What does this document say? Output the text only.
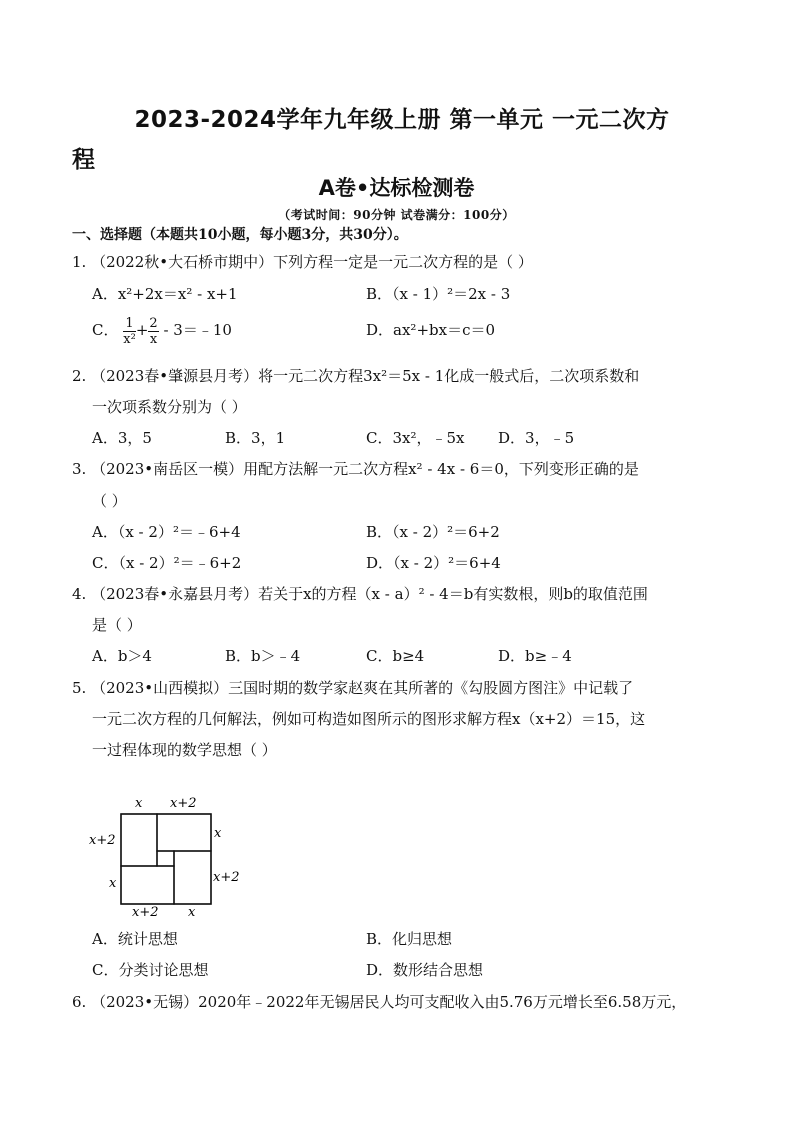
2023-2024学年九年级上册 第一单元 一元二次方
程
A卷•达标检测卷
（考试时间：90分钟 试卷满分：100分）
一、选择题（本题共10小题，每小题3分，共30分）。
1. （2022秋•大石桥市期中）下列方程一定是一元二次方程的是（ ）
A．x²+2x＝x² - x+1	B．（x - 1）²＝2x - 3
C． $\frac{1}{\text{x²}} + \frac{2}{x}$ - 3＝﹣10	D．ax²+bx＝c＝0
2. （2023春•肇源县月考）将一元二次方程3x²＝5x - 1化成一般式后，二次项系数和
一次项系数分别为（ ）
A．3，5	B．3，1	C．3x²，﹣5x D．3，﹣5
3. （2023•南岳区一模）用配方法解一元二次方程x² - 4x - 6＝0，下列变形正确的是
（ ）
A．（x - 2）²＝﹣6+4	B．（x - 2）²＝6+2
C．（x - 2）²＝﹣6+2	D．（x - 2）²＝6+4
4. （2023春•永嘉县月考）若关于x的方程（x - a）² - 4＝b有实数根，则b的取值范围
是（ ）
A．b＞4	B．b＞﹣4	C．b≥4	D．b≥﹣4
5. （2023•山西模拟）三国时期的数学家赵爽在其所著的《勾股圆方图注》中记载了
一元二次方程的几何解法，例如可构造如图所示的图形求解方程x（x+2）＝15，这
一过程体现的数学思想（ ）
x x+2
x+2
x
x
x+2
x+2 x
A．统计思想	B．化归思想
C．分类讨论思想	D．数形结合思想
6. （2023•无锡）2020年﹣2022年无锡居民人均可支配收入由5.76万元增长至6.58万元，
